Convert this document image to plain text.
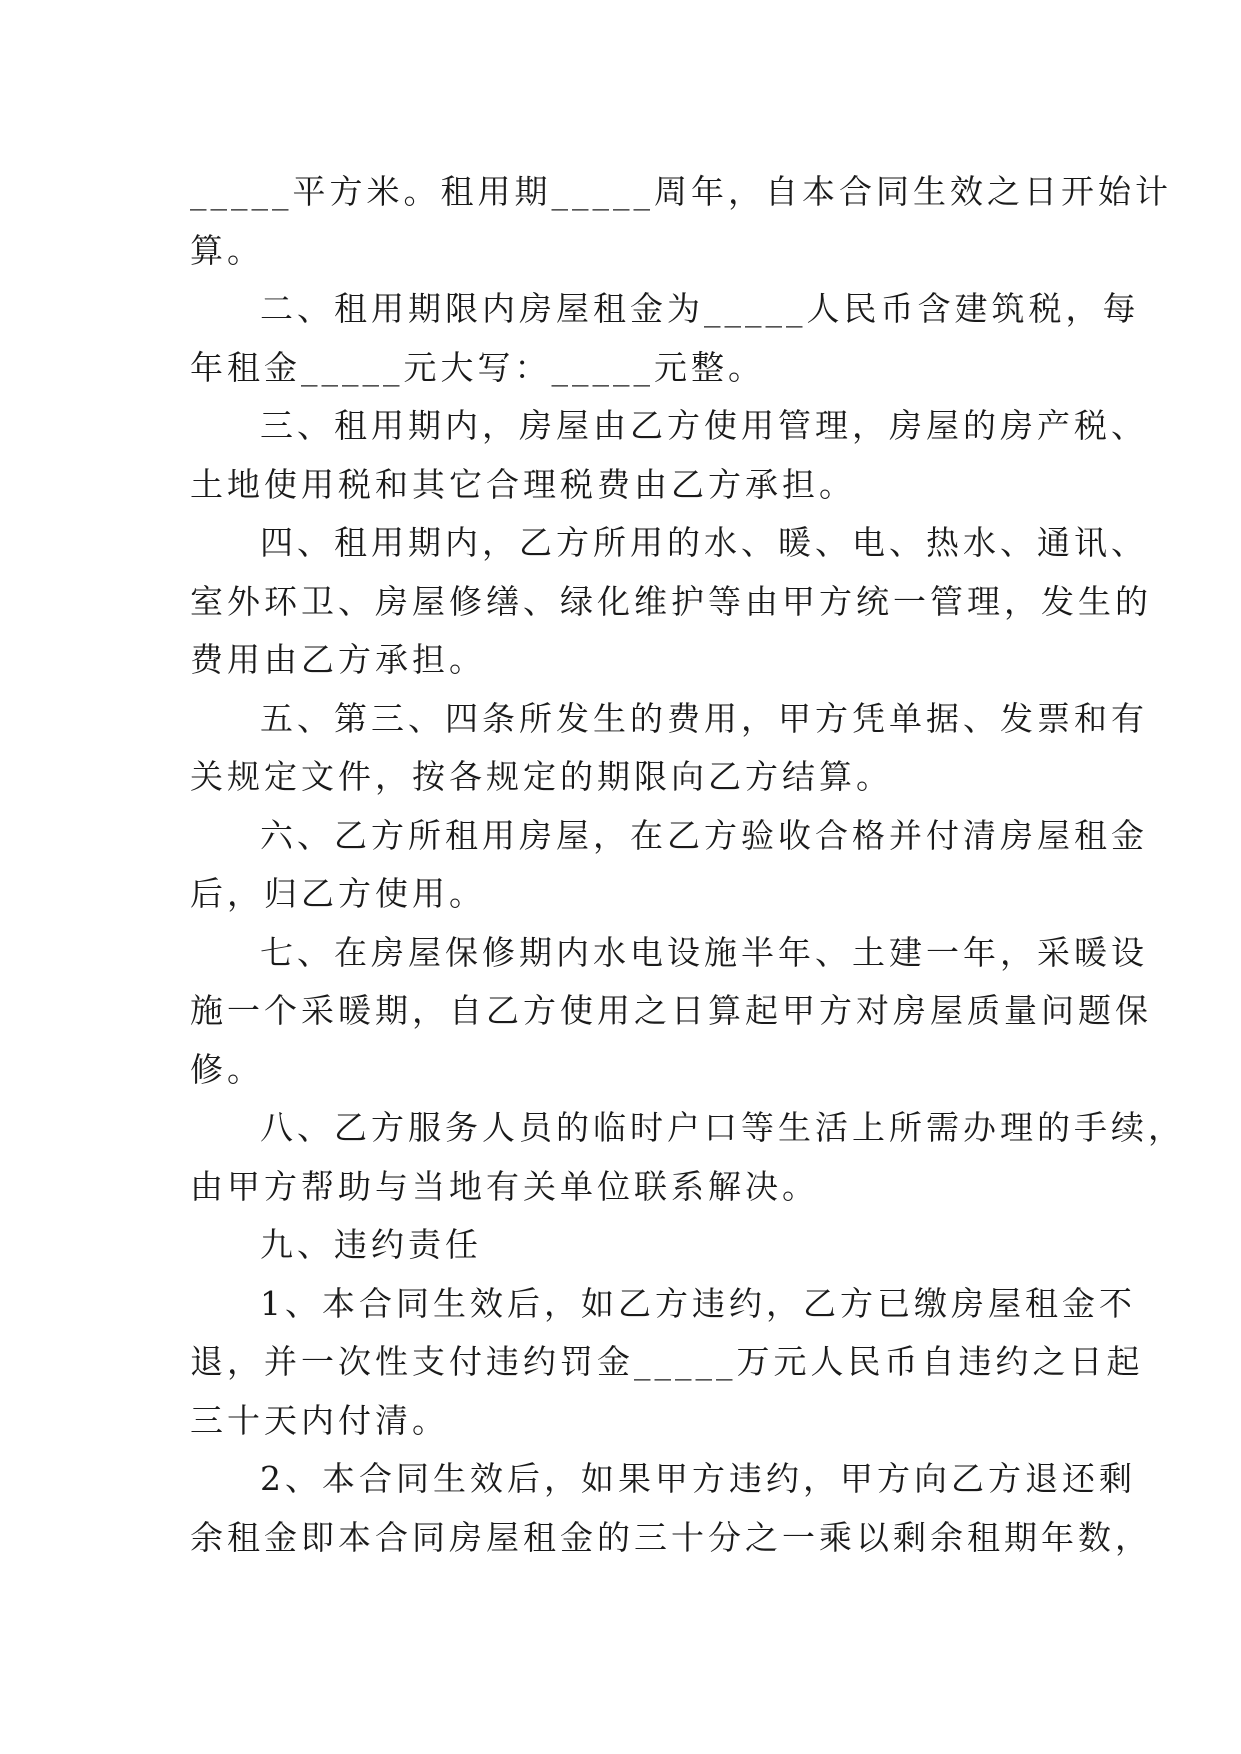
_____平方米。租用期_____周年，自本合同生效之日开始计
算。
二、租用期限内房屋租金为_____人民币含建筑税，每
年租金_____元大写：_____元整。
三、租用期内，房屋由乙方使用管理，房屋的房产税、
土地使用税和其它合理税费由乙方承担。
四、租用期内，乙方所用的水、暖、电、热水、通讯、
室外环卫、房屋修缮、绿化维护等由甲方统一管理，发生的
费用由乙方承担。
五、第三、四条所发生的费用，甲方凭单据、发票和有
关规定文件，按各规定的期限向乙方结算。
六、乙方所租用房屋，在乙方验收合格并付清房屋租金
后，归乙方使用。
七、在房屋保修期内水电设施半年、土建一年，采暖设
施一个采暖期，自乙方使用之日算起甲方对房屋质量问题保
修。
八、乙方服务人员的临时户口等生活上所需办理的手续，
由甲方帮助与当地有关单位联系解决。
九、违约责任
1、本合同生效后，如乙方违约，乙方已缴房屋租金不
退，并一次性支付违约罚金_____万元人民币自违约之日起
三十天内付清。
2、本合同生效后，如果甲方违约，甲方向乙方退还剩
余租金即本合同房屋租金的三十分之一乘以剩余租期年数，
